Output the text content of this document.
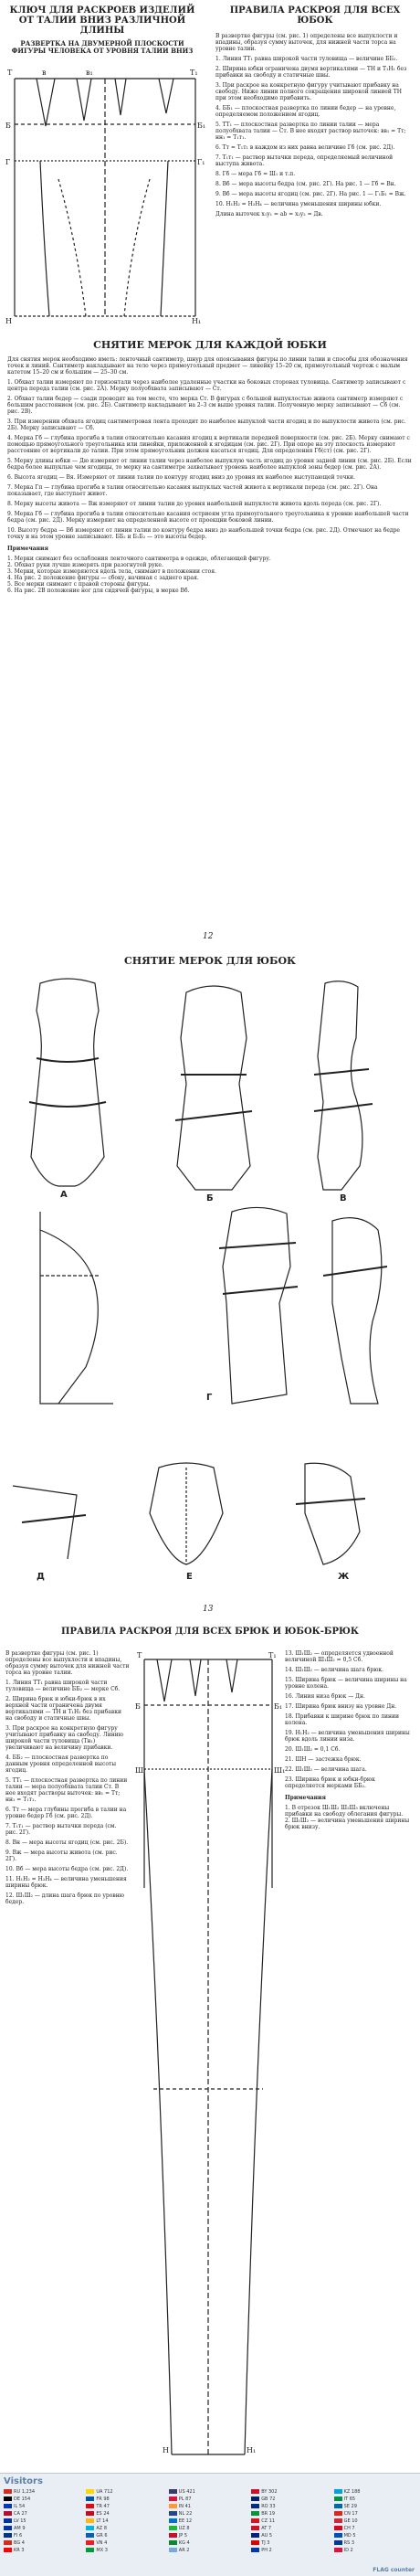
КЛЮЧ ДЛЯ РАСКРОЕВ ИЗДЕЛИЙ ОТ ТАЛИИ ВНИЗ РАЗЛИЧНОЙ ДЛИНЫ
РАЗВЕРТКА НА ДВУМЕРНОЙ ПЛОСКОСТИ ФИГУРЫ ЧЕЛОВЕКА ОТ УРОВНЯ ТАЛИИ ВНИЗ
ПРАВИЛА РАСКРОЯ ДЛЯ ВСЕХ ЮБОК
Т	Т₁
Б	Б₁
Г	Г₁
Н	Н₁
в	в₁

В развертке фигуры (см. рис. 1) определены все выпуклости и впадины, образуя сумму выточек, для нижней части торса на уровне талии.

1. Линия ТТ₁ равна широкой части туловища — величине ББ₂.

2. Ширина юбки ограничена двумя вертикалями — ТН и Т₁Н₁ без прибавки на свободу и статичные швы.

3. При раскрое на конкретную фигуру учитывают прибавку на свободу. Ниже линии полного сокращения широкой линией ТН при этом необходимо прибавить.

4. ББ₁ — плоскостная развертка по линии бедер — на уровне, определяемом положением ягодиц.

5. ТТ₁ — плоскостная развертка по линии талии — мера полуобхвата талии — Ст. В нее входят раствор выточек: вв₁ = Тт; нн₁ = Т₁т₁.

6. Тт = Т₁т₁ в каждом из них равна величине Гб (см. рис. 2Д).

7. Т₁т₁ — раствор вытачки переда, определяемый величиной выступа живота.

8. Гб — мера Гб = Ш₁ и т.п.

8. Вб — мера высоты бедра (см. рис. 2Г). На рис. 1 — Гб = Вн.

9. Вб — мера высоты ягодиц (см. рис. 2Г). На рис. 1 — Г₁Б₁ = Вж.

10. Н₁Н₂ = Н₃Н₄ — величина уменьшения ширины юбки.

Длина выточек x₁y₁ = ab = x₂y₂ = Дв.

СНЯТИЕ МЕРОК ДЛЯ КАЖДОЙ ЮБКИ

Для снятия мерок необходимо иметь: ленточный сантиметр, шнур для опоясывания фигуры по линии талии и способы для обозначения точек и линий. Сантиметр накладывают на тело через прямоугольный предмет — линейку 15–20 см, прямоугольный чертеж с малым катетом 15–20 см и большим — 25–30 см.

1. Обхват талии измеряют по горизонтали через наиболее удаленные участки на боковых сторонах туловища. Сантиметр записывают с центра переда талии (см. рис. 2А). Мерку полуобхвата записывают — Ст.

2. Обхват талии бедер — сзади проводят на том месте, что мерка Ст. В фигурах с большой выпуклостью живота сантиметр измеряют с большим расстоянием (см. рис. 2Б). Сантиметр накладывают на 2–3 см выше уровня талии. Полученную мерку записывают — Сб (см. рис. 2В).

3. При измерении обхвата ягодиц сантиметровая лента проходит по наиболее выпуклой части ягодиц и по выпуклости живота (см. рис. 2Б). Мерку записывают — Сб.

4. Мерка Гб — глубина прогиба в талии относительно касания ягодиц к вертикали передней поверхности (см. рис. 2Б). Мерку снимают с помощью прямоугольного треугольника или линейки, приложенной к ягодицам (см. рис. 2Г). При опоре на эту плоскость измеряют расстояние от вертикали до талии. При этом прямоугольник должен касаться ягодиц. Для определения Гб(ст) (см. рис. 2Г).

5. Мерку длины юбки — Дю измеряют от линии талии через наиболее выпуклую часть ягодиц до уровня задней линии (см. рис. 2Б). Если бедра более выпуклые чем ягодицы, то мерку на сантиметре захватывает уровень наиболее выпуклой зоны бедер (см. рис. 2А).

6. Высота ягодиц — Вя. Измеряют от линии талии по контуру ягодиц вниз до уровня их наиболее выступающей точки.

7. Мерка Гп — глубина прогиба в талии относительно касания выпуклых частей живота к вертикали переда (см. рис. 2Г). Она показывает, где выступает живот.

8. Мерку высоты живота — Вж измеряют от линии талии до уровня наибольшей выпуклости живота вдоль переда (см. рис. 2Г).

9. Мерка Гб — глубина прогиба в талии относительно касания остриеям угла прямоугольного треугольника к уровню наибольшей части бедра (см. рис. 2Д). Мерку измеряют на определенной высоте от проекции боковой линии.

10. Высоту бедра — Вб измеряют от линии талии по контуру бедра вниз до наибольшей точки бедра (см. рис. 2Д). Отмечают на бедре точку и на этом уровне записывают. ББ₂ и Б₁Б₂ — это высоты бедер.

Примечания

1. Мерки снимают без ослабления ленточного сантиметра в одежде, облегающей фигуру.

2. Обхват руки лучше измерять при разогнутой руке.

3. Мерки, которые измеряются вдоль тела, снимают в положении стоя.

4. На рис. 2 положение фигуры — сбоку, начиная с заднего края.

5. Все мерки снимают с правой стороны фигуры.

6. На рис. 2В положение ног для сидячей фигуры, в мерке Вб.

12
СНЯТИЕ МЕРОК ДЛЯ ЮБОК
А	Б	В
Г
Д	Е	Ж
13
ПРАВИЛА РАСКРОЯ ДЛЯ ВСЕХ БРЮК И ЮБОК-БРЮК

В развертке фигуры (см. рис. 1) определены все выпуклости и впадины, образуя сумму выточек для нижней части торса на уровне талии.

1. Линия ТТ₁ равна широкой части туловища — величине ББ₂ — мерке Сб.

2. Ширина брюк и юбки-брюк в их верхней части ограничена двумя вертикалями — ТН и Т₁Н₁ без прибавки на свободу и статичные швы.

3. При раскрое на конкретную фигуру учитывают прибавку на свободу. Линию широкой части туловища (Тн₁) увеличивают на величину прибавки.

4. ББ₂ — плоскостная развертка по данным уровня определенной высоты ягодиц.

5. ТТ₁ — плоскостная развертка по линии талии — мера полуобхвата талии Ст. В нее входят растворы выточек: вв₁ = Тт; нн₁ = Т₁т₁.

6. Тт — мера глубины прогиба в талии на уровне бедер Гб (см. рис. 2Д).

7. Т₁т₁ — раствор вытачки переда (см. рис. 2Г).

8. Вн — мера высоты ягодиц (см. рис. 2Б).

9. Вж — мера высоты живота (см. рис. 2Г).

10. Вб — мера высоты бедра (см. рис. 2Д).

11. Н₁Н₂ = Н₃Н₄ — величина уменьшения ширины брюк.

12. Ш₁Ш₂ — длина шага брюк по уровню бедер.

Т	Т₁
Б	Б₁
Ш	Ш₁
Н	Н₁

13. Ш₁Ш₂ — определяется удвоенной величиной Ш₁Ш₂ = 0,5 Сб.

14. Ш₁Ш₂ — величина шага брюк.

15. Ширина брюк — величина ширины на уровне колена.

16. Линия низа брюк — Дн.

17. Ширина брюк внизу на уровне Дн.

18. Прибавки к ширине брюк по линии колена.

19. Н₁Н₂ — величина уменьшения ширины брюк вдоль линии низа.

20. Ш₁Ш₂ = 0,1 Сб.

21. ШН — застежка брюк.

22. Ш₁Ш₂ — величина шага.

23. Ширина брюк и юбки-брюк определяется мерками ББ₂.

Примечания

1. В отрезок Ш₁Ш₂ Ш₂Ш₃ включены прибавки на свободу облегания фигуры.

2. Ш₁Ш₂ — величина уменьшения ширины брюк внизу.

Visitors
RU 1,234	UA 712	US 421	BY 302	KZ 188
DE 154	FR 98	PL 87	GB 72	IT 65
IL 54	TR 47	IN 41	RO 33	SE 29
CA 27	ES 24	NL 22	BR 19	CN 17
LV 15	LT 14	EE 12	CZ 11	GE 10
AM 9	AZ 8	UZ 8	AT 7	CH 7
FI 6	GR 6	JP 5	AU 5	MD 5
BG 4	VN 4	KG 4	TJ 3	RS 3
KR 3	MX 3	AR 2	PH 2	ID 2
FLAG counter
